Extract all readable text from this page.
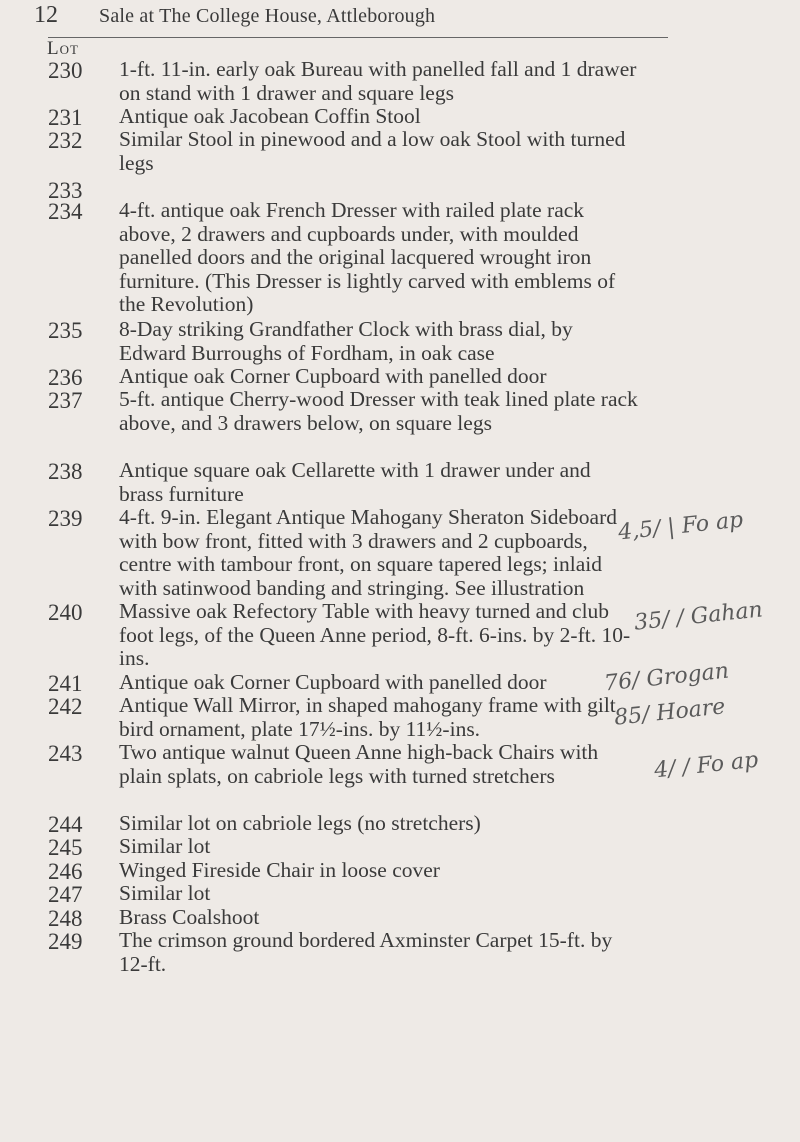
12 Sale at The College House, Attleborough
Lot
230	1-ft. 11-in. early oak Bureau with panelled fall and 1 drawer on stand with 1 drawer and square legs
231	Antique oak Jacobean Coffin Stool
232	Similar Stool in pinewood and a low oak Stool with turned legs
233
234	4-ft. antique oak French Dresser with railed plate rack above, 2 drawers and cupboards under, with moulded panelled doors and the original lacquered wrought iron furniture. (This Dresser is lightly carved with emblems of the Revolution)
235	8-Day striking Grandfather Clock with brass dial, by Edward Burroughs of Fordham, in oak case
236	Antique oak Corner Cupboard with panelled door
237	5-ft. antique Cherry-wood Dresser with teak lined plate rack above, and 3 drawers below, on square legs
238	Antique square oak Cellarette with 1 drawer under and brass furniture
239	4-ft. 9-in. Elegant Antique Mahogany Sheraton Sideboard with bow front, fitted with 3 drawers and 2 cupboards, centre with tambour front, on square tapered legs; inlaid with satinwood banding and stringing. See illustration
240	Massive oak Refectory Table with heavy turned and club foot legs, of the Queen Anne period, 8-ft. 6-ins. by 2-ft. 10-ins.
241	Antique oak Corner Cupboard with panelled door
242	Antique Wall Mirror, in shaped mahogany frame with gilt bird ornament, plate 17½-ins. by 11½-ins.
243	Two antique walnut Queen Anne high-back Chairs with plain splats, on cabriole legs with turned stretchers
244	Similar lot on cabriole legs (no stretchers)
245	Similar lot
246	Winged Fireside Chair in loose cover
247	Similar lot
248	Brass Coalshoot
249	The crimson ground bordered Axminster Carpet 15-ft. by 12-ft.
4,5/ | Fo ap
35/ / Gahan
76/ Grogan
85/ Hoare
4/ / Fo ap
